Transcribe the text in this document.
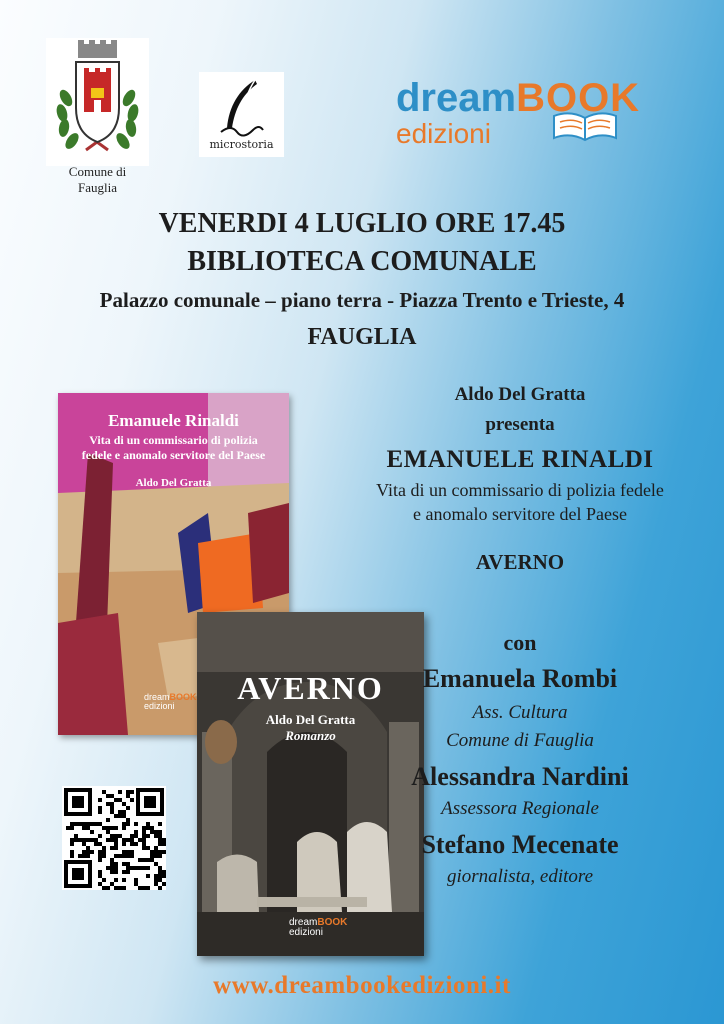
Comune di
Fauglia
microstoria
dreamBOOK
edizioni
VENERDI 4 LUGLIO ORE 17.45
BIBLIOTECA COMUNALE
Palazzo comunale – piano terra - Piazza Trento e Trieste, 4
FAUGLIA
Emanuele Rinaldi
Vita di un commissario di polizia
fedele e anomalo servitore del Paese
Aldo Del Gratta
dreamBOOK
edizioni	AVERNO
Aldo Del Gratta
Romanzo
dreamBOOK
edizioni
Aldo Del Gratta
presenta
EMANUELE RINALDI
Vita di un commissario di polizia fedele
e anomalo servitore del Paese
AVERNO
con
Emanuela Rombi
Ass. Cultura
Comune di Fauglia
Alessandra Nardini
Assessora Regionale
Stefano Mecenate
giornalista, editore
www.dreambookedizioni.it
